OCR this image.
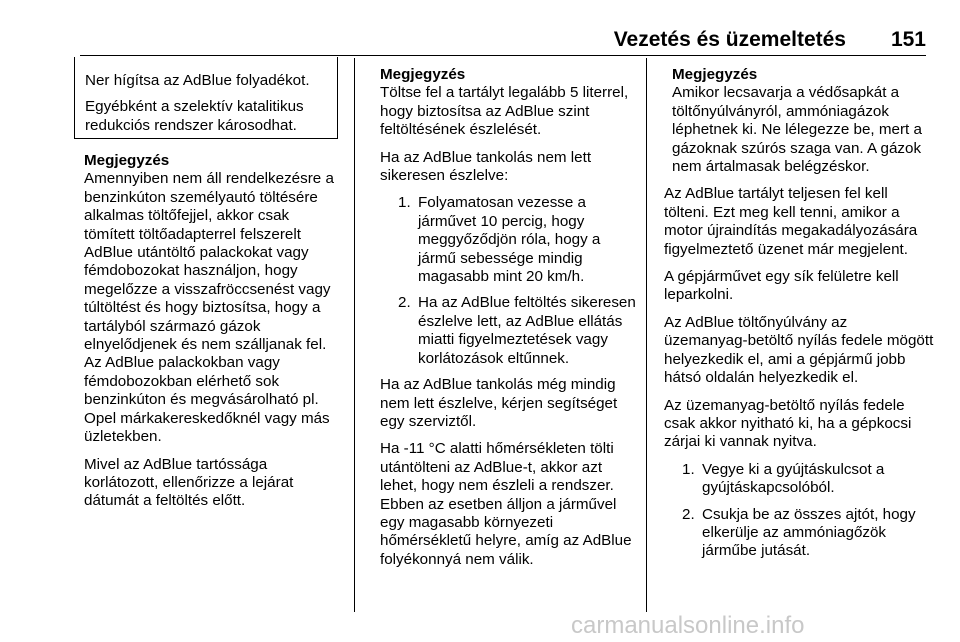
Vezetés és üzemeltetés 151

Ner hígítsa az AdBlue folyadékot.

Egyébként a szelektív katalitikus redukciós rendszer károsodhat.

Megjegyzés
Amennyiben nem áll rendelkezésre a benzinkúton személyautó töltésére alkalmas töltőfejjel, akkor csak tömített töltőadapterrel felszerelt AdBlue utántöltő palackokat vagy fémdobozokat használjon, hogy megelőzze a visszafröccsenést vagy túltöltést és hogy biztosítsa, hogy a tartályból származó gázok elnyelődjenek és nem szálljanak fel. Az AdBlue palackokban vagy fémdobozokban elérhető sok benzinkúton és megvásárolható pl. Opel márkakereskedőknél vagy más üzletekben.

Mivel az AdBlue tartóssága korlátozott, ellenőrizze a lejárat dátumát a feltöltés előtt.

Megjegyzés
Töltse fel a tartályt legalább 5 literrel, hogy biztosítsa az AdBlue szint feltöltésének észlelését.

Ha az AdBlue tankolás nem lett sikeresen észlelve:

1. Folyamatosan vezesse a járművet 10 percig, hogy meggyőződjön róla, hogy a jármű sebessége mindig magasabb mint 20 km/h.
2. Ha az AdBlue feltöltés sikeresen észlelve lett, az AdBlue ellátás miatti figyelmeztetések vagy korlátozások eltűnnek.

Ha az AdBlue tankolás még mindig nem lett észlelve, kérjen segítséget egy szerviztől.

Ha -11 °C alatti hőmérsékleten tölti utántölteni az AdBlue-t, akkor azt lehet, hogy nem észleli a rendszer. Ebben az esetben álljon a járművel egy magasabb környezeti hőmérsékletű helyre, amíg az AdBlue folyékonnyá nem válik.

Megjegyzés
Amikor lecsavarja a védősapkát a töltőnyúlványról, ammóniagázok léphetnek ki. Ne lélegezze be, mert a gázoknak szúrós szaga van. A gázok nem ártalmasak belégzéskor.

Az AdBlue tartályt teljesen fel kell tölteni. Ezt meg kell tenni, amikor a motor újraindítás megakadályozására figyelmeztető üzenet már megjelent.

A gépjárművet egy sík felületre kell leparkolni.

Az AdBlue töltőnyúlvány az üzemanyag-betöltő nyílás fedele mögött helyezkedik el, ami a gépjármű jobb hátsó oldalán helyezkedik el.

Az üzemanyag-betöltő nyílás fedele csak akkor nyitható ki, ha a gépkocsi zárjai ki vannak nyitva.

1. Vegye ki a gyújtáskulcsot a gyújtáskapcsolóból.
2. Csukja be az összes ajtót, hogy elkerülje az ammóniagőzök járműbe jutását.
carmanualsonline.info
